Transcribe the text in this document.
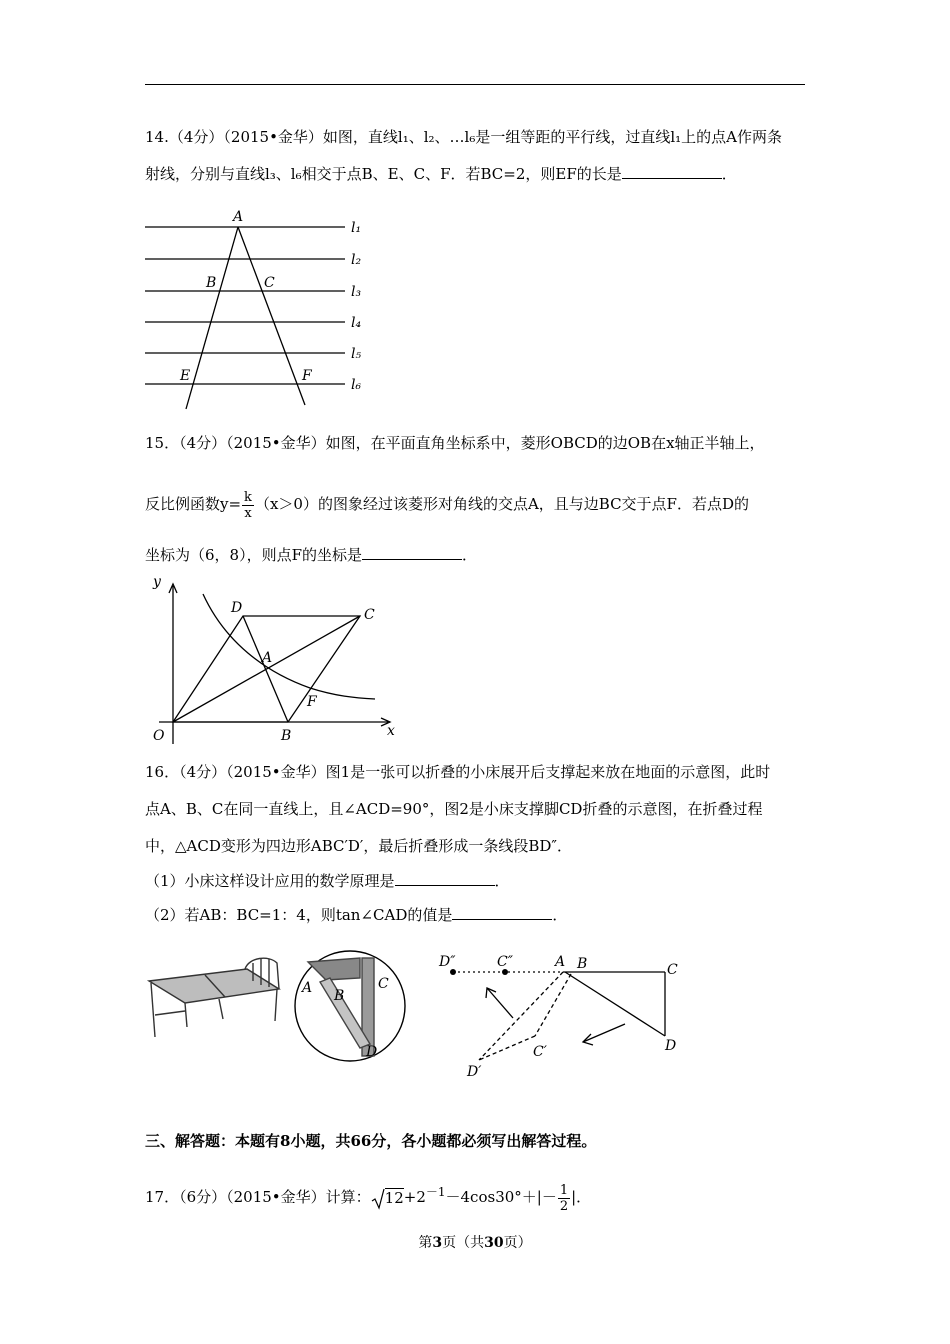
14.（4分）（2015•金华）如图，直线l₁、l₂、…l₆是一组等距的平行线，过直线l₁上的点A作两条
射线，分别与直线l₃、l₆相交于点B、E、C、F．若BC=2，则EF的长是	．
A
B	C
E	F
l₁
l₂
l₃
l₄
l₅
l₆
15．（4分）（2015•金华）如图，在平面直角坐标系中，菱形OBCD的边OB在x轴正半轴上，
反比例函数$y= \frac{k}{x} (x>0)$的图象经过该菱形对角线的交点A，且与边BC交于点F．若点D的
坐标为（6，8），则点F的坐标是	．
y
D	C
A
F
O	B	x
16．（4分）（2015•金华）图1是一张可以折叠的小床展开后支撑起来放在地面的示意图，此时
点A、B、C在同一直线上，且∠ACD=90°，图2是小床支撑脚CD折叠的示意图，在折叠过程
中，△ACD变形为四边形ABC′D′，最后折叠形成一条线段BD″．
（1）小床这样设计应用的数学原理是	．
（2）若AB：BC=1：4，则tan∠CAD的值是	．
A B
C
D
D″	C″	A B	C
D
C′
D′
三、解答题：本题有8小题，共66分，各小题都必须写出解答过程。
17．（6分）（2015•金华）计算： $12+2^{-1}-4\cos 30^\circ+|- \frac{1}{2}$ |．
第3页（共30页）
